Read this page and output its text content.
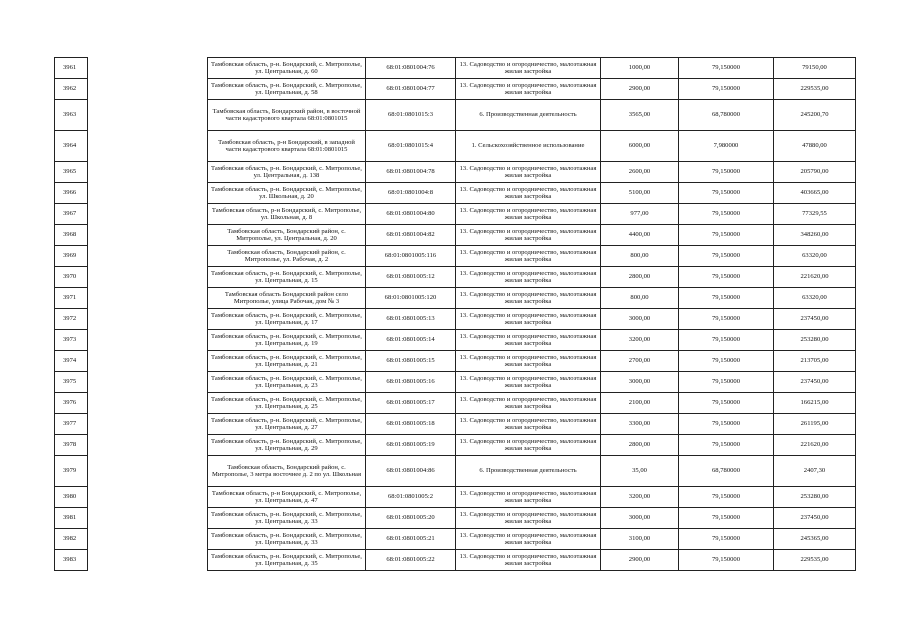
3961		Тамбовская область, р-н. Бондарский, с. Митрополье, ул. Центральная, д. 60	68:01:0801004:76	13. Садоводство и огородничество, малоэтажная жилая застройка	1000,00	79,150000	79150,00
3962		Тамбовская область, р-н. Бондарский, с. Митрополье, ул. Центральная, д. 58	68:01:0801004:77	13. Садоводство и огородничество, малоэтажная жилая застройка	2900,00	79,150000	229535,00
3963		Тамбовская область, Бондарский район, в восточной части кадастрового квартала 68:01:0801015	68:01:0801015:3	6. Производственная деятельность	3565,00	68,780000	245200,70
3964		Тамбовская область, р-н Бондарский, в западной части кадастрового квартала 68:01:0801015	68:01:0801015:4	1. Сельскохозяйственное использование	6000,00	7,980000	47880,00
3965		Тамбовская область, р-н. Бондарский, с. Митрополье, ул. Центральная, д. 138	68:01:0801004:78	13. Садоводство и огородничество, малоэтажная жилая застройка	2600,00	79,150000	205790,00
3966		Тамбовская область, р-н. Бондарский, с. Митрополье, ул. Школьная, д. 20	68:01:0801004:8	13. Садоводство и огородничество, малоэтажная жилая застройка	5100,00	79,150000	403665,00
3967		Тамбовская область, р-н Бондарский, с. Митрополье, ул. Школьная, д. 8	68:01:0801004:80	13. Садоводство и огородничество, малоэтажная жилая застройка	977,00	79,150000	77329,55
3968		Тамбовская область, Бондарский район, с. Митрополье, ул. Центральная, д. 20	68:01:0801004:82	13. Садоводство и огородничество, малоэтажная жилая застройка	4400,00	79,150000	348260,00
3969		Тамбовская область, Бондарский район, с. Митрополье, ул. Рабочая, д. 2	68:01:0801005:116	13. Садоводство и огородничество, малоэтажная жилая застройка	800,00	79,150000	63320,00
3970		Тамбовская область, р-н. Бондарский, с. Митрополье, ул. Центральная, д. 15	68:01:0801005:12	13. Садоводство и огородничество, малоэтажная жилая застройка	2800,00	79,150000	221620,00
3971		Тамбовская область Бондарский район село Митрополье, улица Рабочая, дом № 3	68:01:0801005:120	13. Садоводство и огородничество, малоэтажная жилая застройка	800,00	79,150000	63320,00
3972		Тамбовская область, р-н. Бондарский, с. Митрополье, ул. Центральная, д. 17	68:01:0801005:13	13. Садоводство и огородничество, малоэтажная жилая застройка	3000,00	79,150000	237450,00
3973		Тамбовская область, р-н. Бондарский, с. Митрополье, ул. Центральная, д. 19	68:01:0801005:14	13. Садоводство и огородничество, малоэтажная жилая застройка	3200,00	79,150000	253280,00
3974		Тамбовская область, р-н. Бондарский, с. Митрополье, ул. Центральная, д. 21	68:01:0801005:15	13. Садоводство и огородничество, малоэтажная жилая застройка	2700,00	79,150000	213705,00
3975		Тамбовская область, р-н. Бондарский, с. Митрополье, ул. Центральная, д. 23	68:01:0801005:16	13. Садоводство и огородничество, малоэтажная жилая застройка	3000,00	79,150000	237450,00
3976		Тамбовская область, р-н. Бондарский, с. Митрополье, ул. Центральная, д. 25	68:01:0801005:17	13. Садоводство и огородничество, малоэтажная жилая застройка	2100,00	79,150000	166215,00
3977		Тамбовская область, р-н. Бондарский, с. Митрополье, ул. Центральная, д. 27	68:01:0801005:18	13. Садоводство и огородничество, малоэтажная жилая застройка	3300,00	79,150000	261195,00
3978		Тамбовская область, р-н. Бондарский, с. Митрополье, ул. Центральная, д. 29	68:01:0801005:19	13. Садоводство и огородничество, малоэтажная жилая застройка	2800,00	79,150000	221620,00
3979		Тамбовская область, Бондарский район, с. Митрополье, 3 метра восточнее д. 2 по ул. Школьная	68:01:0801004:86	6. Производственная деятельность	35,00	68,780000	2407,30
3980		Тамбовская область, р-н Бондарский, с. Митрополье, ул. Центральная, д. 47	68:01:0801005:2	13. Садоводство и огородничество, малоэтажная жилая застройка	3200,00	79,150000	253280,00
3981		Тамбовская область, р-н. Бондарский, с. Митрополье, ул. Центральная, д. 33	68:01:0801005:20	13. Садоводство и огородничество, малоэтажная жилая застройка	3000,00	79,150000	237450,00
3982		Тамбовская область, р-н. Бондарский, с. Митрополье, ул. Центральная, д. 33	68:01:0801005:21	13. Садоводство и огородничество, малоэтажная жилая застройка	3100,00	79,150000	245365,00
3983		Тамбовская область, р-н. Бондарский, с. Митрополье, ул. Центральная, д. 35	68:01:0801005:22	13. Садоводство и огородничество, малоэтажная жилая застройка	2900,00	79,150000	229535,00
